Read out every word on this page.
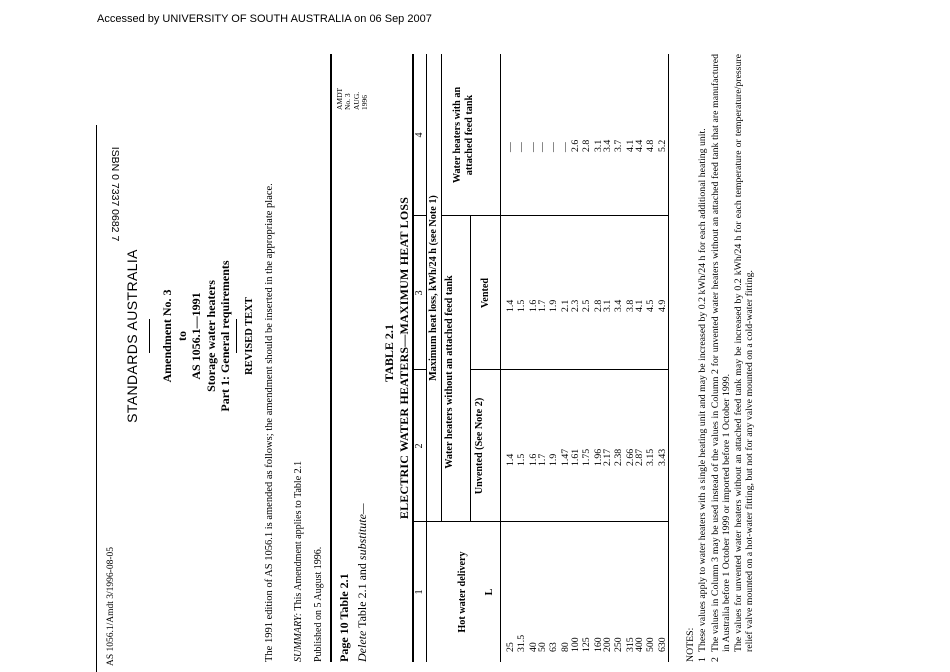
Accessed by UNIVERSITY OF SOUTH AUSTRALIA on 06 Sep 2007

ISBN 0 7337 0682 7

AS 1056.1/Amdt 3/1996-08-05
STANDARDS AUSTRALIA Amendment No. 3 to AS 1056.1—1991 Storage water heaters Part 1: General requirements REVISED TEXT The 1991 edition of AS 1056.1 is amended as follows; the amendment should be inserted in the appropriate place. SUMMARY: This Amendment applies to Table 2.1 Published on 5 August 1996.
AMDT No. 3 AUG. 1996
Page 10 Table 2.1 Delete Table 2.1 and substitute—
TABLE 2.1 ELECTRIC WATER HEATERS—MAXIMUM HEAT LOSS
1
2
3
4
Hot water delivery L
Maximum heat loss, kWh/24 h (see Note 1) Water heaters without an attached feed tank Unvented (See Note 2)
Vented
Water heaters with an attached feed tank
25 31.5 40
50 63 80 100 125 160
200 250 315
400 500 630
1.4 1.5 1.6
1.7 1.9 1.47 1.61 1.75 1.96
2.17 2.38 2.66
2.87 3.15 3.43
1.4 1.5 1.6
1.7 1.9 2.1 2.3 2.5 2.8
3.1 3.4 3.8
4.1 4.5 4.9
— — —
— — — 2.6 2.8 3.1
3.4 3.7 4.1
4.4 4.8 5.2
NOTES: 1
These values apply to water heaters with a single heating unit and may be increased by 0.2 kWh/24 h for each additional heating unit.
2
The values in Column 3 may be used instead of the values in Column 2 for unvented water heaters without an attached feed tank that are manufactured in Australia before 1 October 1999 or imported before 1 October 1999. The values for unvented water heaters without an attached feed tank may be increased by 0.2 kWh/24 h for each temperature or temperature/pressure relief valve mounted on a hot-water fitting, but not for any valve mounted on a cold-water fitting.
